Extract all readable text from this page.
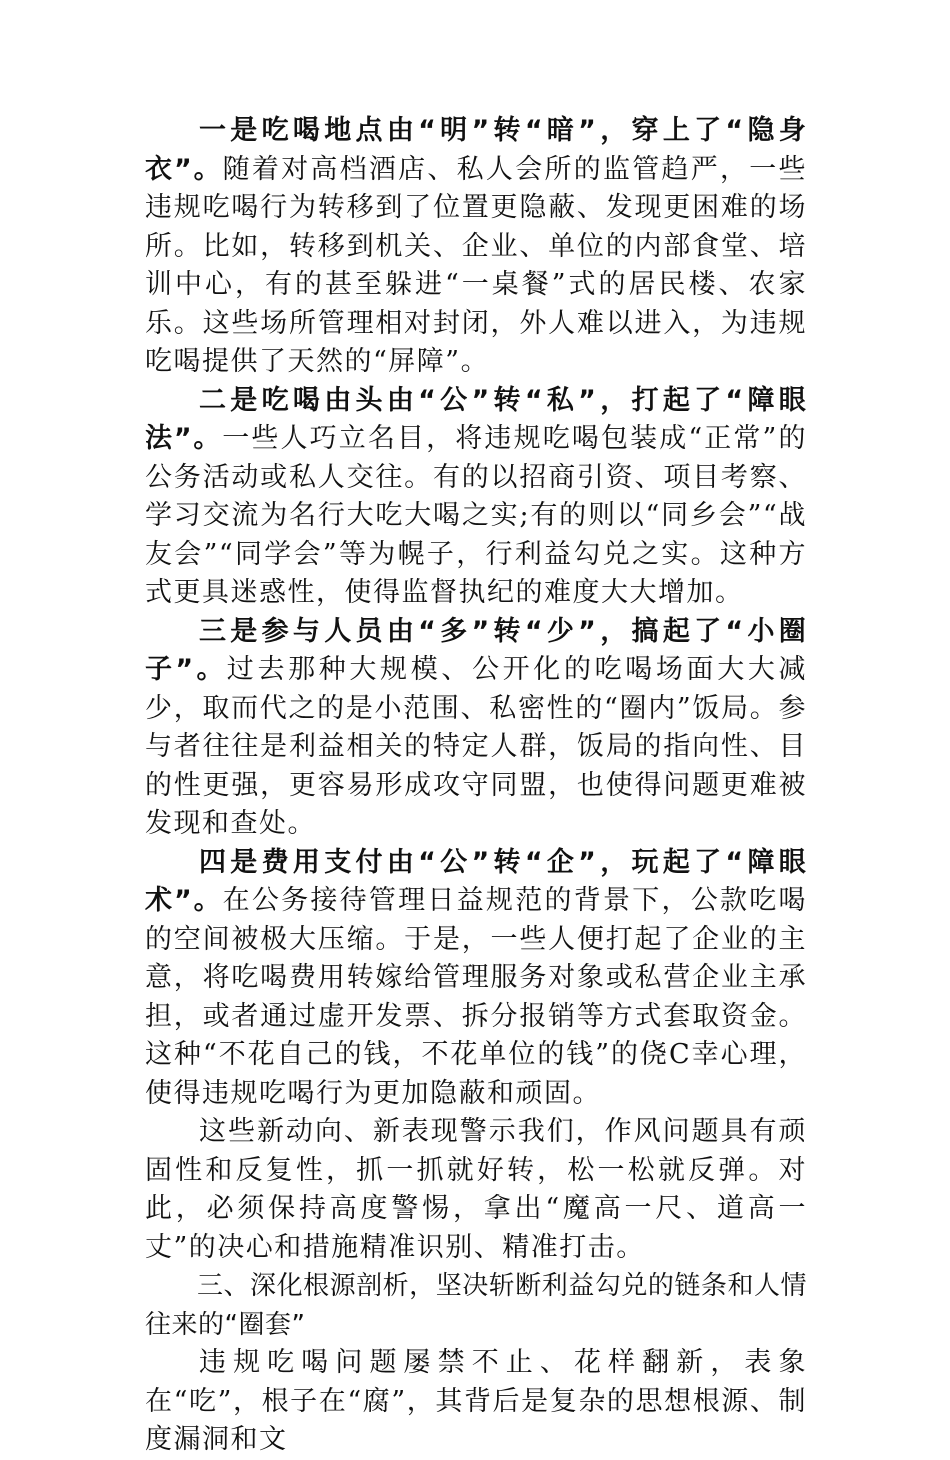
一是吃喝地点由“明”转“暗”，穿上了“隐身衣”。随着对高档酒店、私人会所的监管趋严，一些违规吃喝行为转移到了位置更隐蔽、发现更困难的场所。比如，转移到机关、企业、单位的内部食堂、培训中心，有的甚至躲进“一桌餐”式的居民楼、农家乐。这些场所管理相对封闭，外人难以进入，为违规吃喝提供了天然的“屏障”。

二是吃喝由头由“公”转“私”，打起了“障眼法”。一些人巧立名目，将违规吃喝包装成“正常”的公务活动或私人交往。有的以招商引资、项目考察、学习交流为名行大吃大喝之实;有的则以“同乡会”“战友会”“同学会”等为幌子，行利益勾兑之实。这种方式更具迷惑性，使得监督执纪的难度大大增加。

三是参与人员由“多”转“少”，搞起了“小圈子”。过去那种大规模、公开化的吃喝场面大大减少，取而代之的是小范围、私密性的“圈内”饭局。参与者往往是利益相关的特定人群，饭局的指向性、目的性更强，更容易形成攻守同盟，也使得问题更难被发现和查处。

四是费用支付由“公”转“企”，玩起了“障眼术”。在公务接待管理日益规范的背景下，公款吃喝的空间被极大压缩。于是，一些人便打起了企业的主意，将吃喝费用转嫁给管理服务对象或私营企业主承担，或者通过虚开发票、拆分报销等方式套取资金。这种“不花自己的钱，不花单位的钱”的侥C幸心理，使得违规吃喝行为更加隐蔽和顽固。

这些新动向、新表现警示我们，作风问题具有顽固性和反复性，抓一抓就好转，松一松就反弹。对此，必须保持高度警惕，拿出“魔高一尺、道高一丈”的决心和措施精准识别、精准打击。

三、深化根源剖析，坚决斩断利益勾兑的链条和人情往来的“圈套”

违规吃喝问题屡禁不止、花样翻新，表象在“吃”，根子在“腐”，其背后是复杂的思想根源、制度漏洞和文
